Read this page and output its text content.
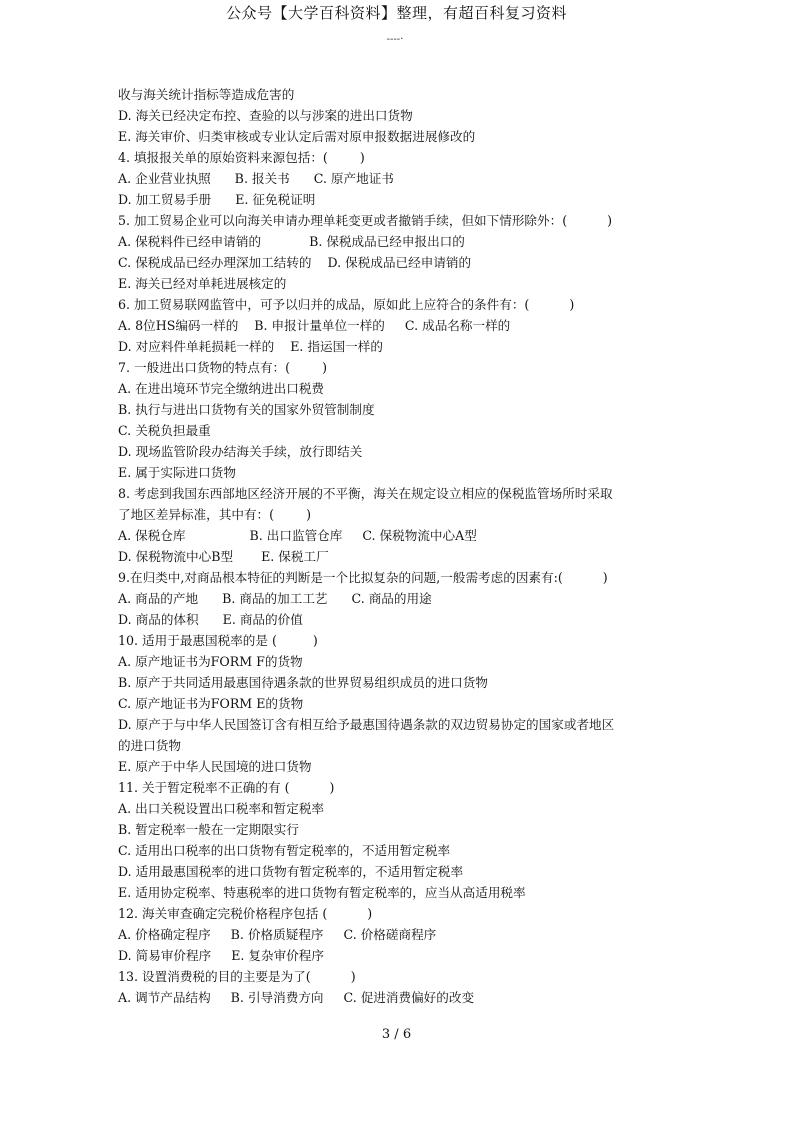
公众号【大学百科资料】整理，有超百科复习资料
----·
收与海关统计指标等造成危害的
D. 海关已经决定布控、查验的以与涉案的进出口货物
E. 海关审价、归类审核或专业认定后需对原申报数据进展修改的
4. 填报报关单的原始资料来源包括：(        )
A. 企业营业执照      B. 报关书      C. 原产地证书
D. 加工贸易手册      E. 征免税证明
5. 加工贸易企业可以向海关申请办理单耗变更或者撤销手续，但如下情形除外：(          )
A. 保税料件已经申请销的            B. 保税成品已经申报出口的
C. 保税成品已经办理深加工结转的    D. 保税成品已经申请销的
E. 海关已经对单耗进展核定的
6. 加工贸易联网监管中，可予以归并的成品，原如此上应符合的条件有：(          )
A. 8位HS编码一样的    B. 申报计量单位一样的     C. 成品名称一样的
D. 对应料件单耗损耗一样的    E. 指运国一样的
7. 一般进出口货物的特点有：(        )
A. 在进出境环节完全缴纳进出口税费
B. 执行与进出口货物有关的国家外贸管制制度
C. 关税负担最重
D. 现场监管阶段办结海关手续，放行即结关
E. 属于实际进口货物
8. 考虑到我国东西部地区经济开展的不平衡，海关在规定设立相应的保税监管场所时采取
了地区差异标准，其中有：(        )
A. 保税仓库                B. 出口监管仓库     C. 保税物流中心A型
D. 保税物流中心B型       E. 保税工厂
9.在归类中,对商品根本特征的判断是一个比拟复杂的问题,一般需考虑的因素有:(          )
A. 商品的产地      B. 商品的加工工艺      C. 商品的用途
D. 商品的体积      E. 商品的价值
10. 适用于最惠国税率的是 (         )
A. 原产地证书为FORM F的货物
B. 原产于共同适用最惠国待遇条款的世界贸易组织成员的进口货物
C. 原产地证书为FORM E的货物
D. 原产于与中华人民国签订含有相互给予最惠国待遇条款的双边贸易协定的国家或者地区
的进口货物
E. 原产于中华人民国境的进口货物
11. 关于暂定税率不正确的有 (          )
A. 出口关税设置出口税率和暂定税率
B. 暂定税率一般在一定期限实行
C. 适用出口税率的出口货物有暂定税率的，不适用暂定税率
D. 适用最惠国税率的进口货物有暂定税率的，不适用暂定税率
E. 适用协定税率、特惠税率的进口货物有暂定税率的，应当从高适用税率
12. 海关审查确定完税价格程序包括 (          )
A. 价格确定程序     B. 价格质疑程序     C. 价格磋商程序
D. 简易审价程序     E. 复杂审价程序
13. 设置消费税的目的主要是为了(          )
A. 调节产品结构     B. 引导消费方向     C. 促进消费偏好的改变
3 / 6
